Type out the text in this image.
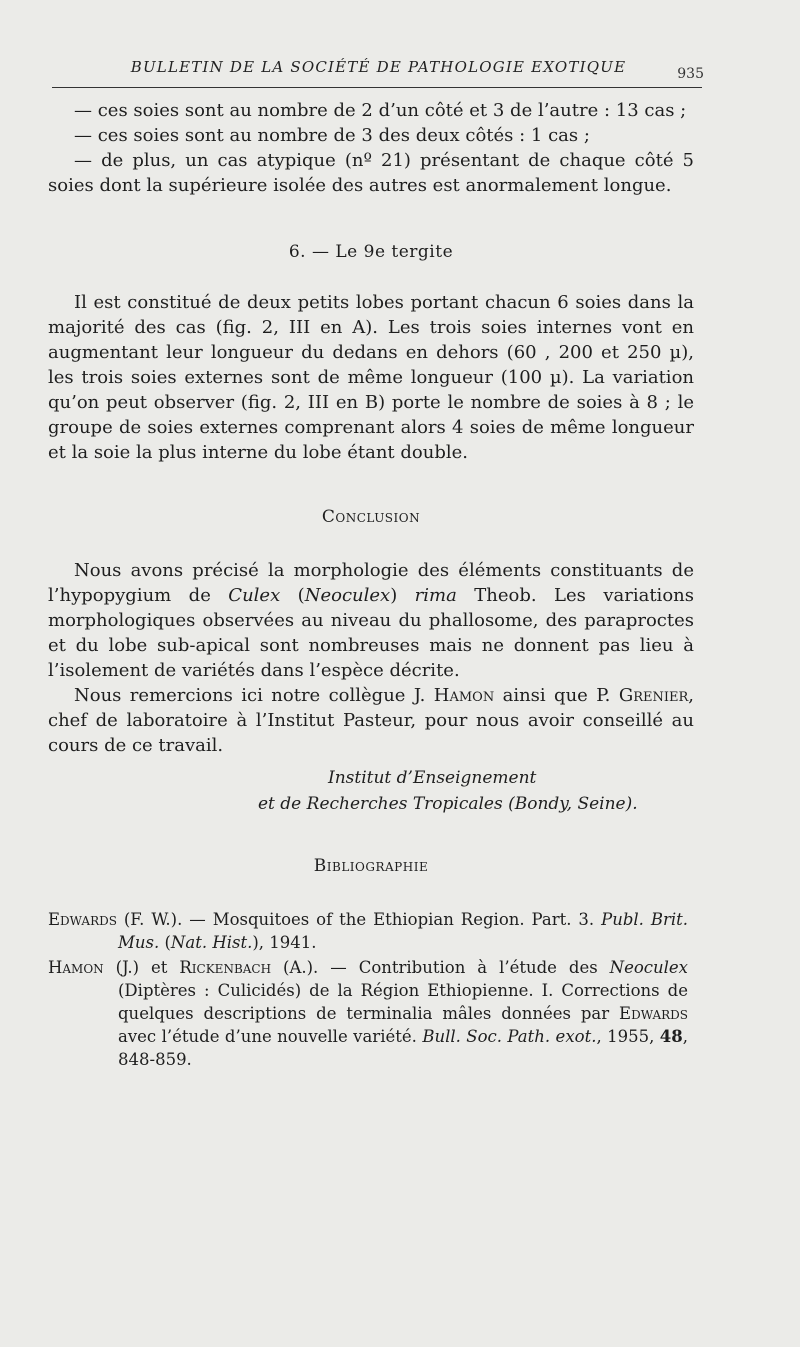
BULLETIN DE LA SOCIÉTÉ DE PATHOLOGIE EXOTIQUE	935

— ces soies sont au nombre de 2 d’un côté et 3 de l’autre : 13 cas ;

— ces soies sont au nombre de 3 des deux côtés : 1 cas ;

— de plus, un cas atypique (nº 21) présentant de chaque côté 5 soies dont la supérieure isolée des autres est anormalement longue.

6. — Le 9e tergite

Il est constitué de deux petits lobes portant chacun 6 soies dans la majorité des cas (fig. 2, III en A). Les trois soies internes vont en augmentant leur longueur du dedans en dehors (60 , 200 et 250 µ), les trois soies externes sont de même longueur (100 µ). La variation qu’on peut observer (fig. 2, III en B) porte le nombre de soies à 8 ; le groupe de soies externes comprenant alors 4 soies de même longueur et la soie la plus interne du lobe étant double.

Conclusion

Nous avons précisé la morphologie des éléments constituants de l’hypopygium de Culex (Neoculex) rima Theob. Les variations morphologiques observées au niveau du phallosome, des paraproctes et du lobe sub-apical sont nombreuses mais ne donnent pas lieu à l’isolement de variétés dans l’espèce décrite.

Nous remercions ici notre collègue J. Hamon ainsi que P. Grenier, chef de laboratoire à l’Institut Pasteur, pour nous avoir conseillé au cours de ce travail.

Institut d’Enseignement
et de Recherches Tropicales (Bondy, Seine).
Bibliographie

Edwards (F. W.). — Mosquitoes of the Ethiopian Region. Part. 3. Publ. Brit. Mus. (Nat. Hist.), 1941.

Hamon (J.) et Rickenbach (A.). — Contribution à l’étude des Neoculex (Diptères : Culicidés) de la Région Ethiopienne. I. Corrections de quelques descriptions de terminalia mâles données par Edwards avec l’étude d’une nouvelle variété. Bull. Soc. Path. exot., 1955, 48, 848-859.
